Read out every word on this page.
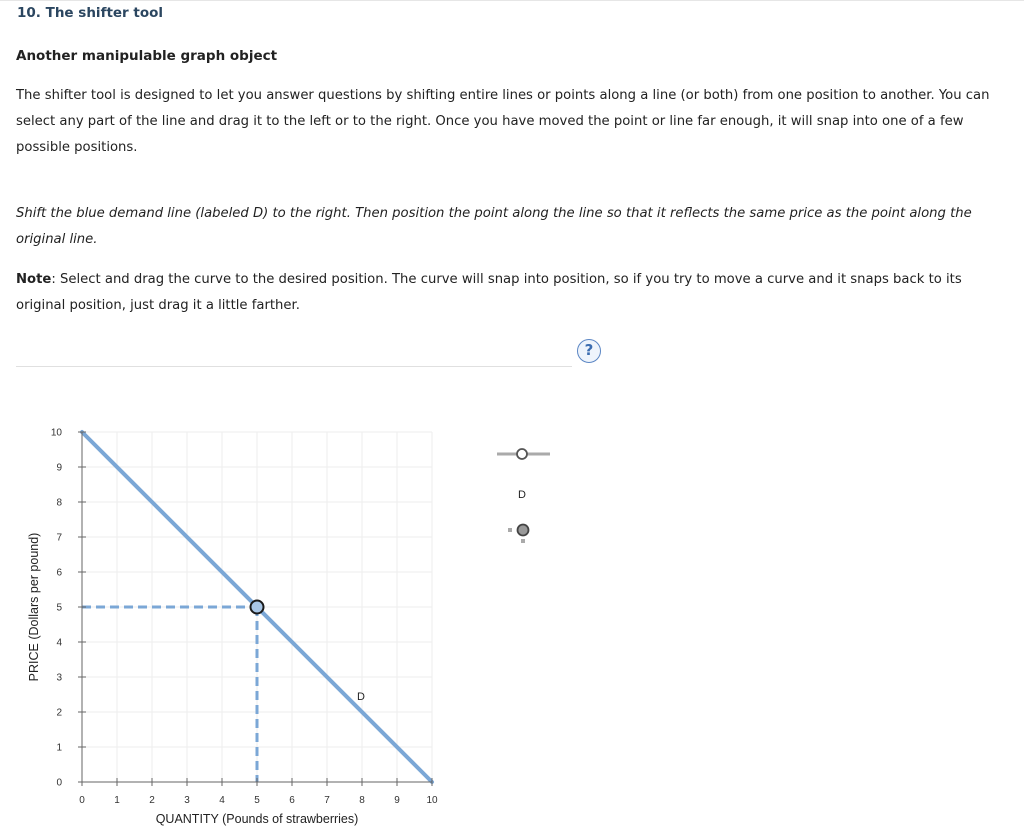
10. The shifter tool
Another manipulable graph object
The shifter tool is designed to let you answer questions by shifting entire lines or points along a line (or both) from one position to another. You can select any part of the line and drag it to the left or to the right. Once you have moved the point or line far enough, it will snap into one of a few possible positions.
Shift the blue demand line (labeled D) to the right. Then position the point along the line so that it reflects the same price as the point along the original line.
Note: Select and drag the curve to the desired position. The curve will snap into position, so if you try to move a curve and it snaps back to its original position, just drag it a little farther.
?
D
0	1	2	3	4	5	6	7	8	9	10
0
1
2
3
4
5
6
7
8
9
10
QUANTITY (Pounds of strawberries)
PRICE (Dollars per pound)
D
